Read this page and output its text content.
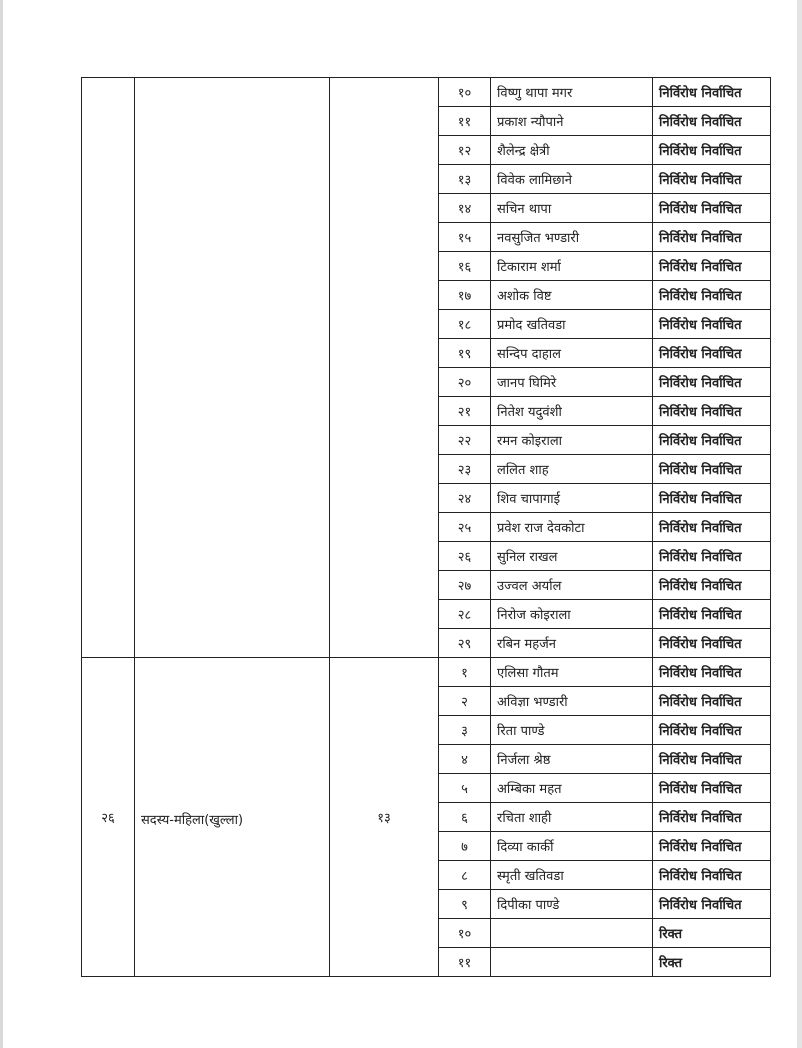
			१०	विष्णु थापा मगर	निर्विरोध निर्वाचित
			११	प्रकाश न्यौपाने	निर्विरोध निर्वाचित
			१२	शैलेन्द्र क्षेत्री	निर्विरोध निर्वाचित
			१३	विवेक लामिछाने	निर्विरोध निर्वाचित
			१४	सचिन थापा	निर्विरोध निर्वाचित
			१५	नवसुजित भण्डारी	निर्विरोध निर्वाचित
			१६	टिकाराम शर्मा	निर्विरोध निर्वाचित
			१७	अशोक विष्ट	निर्विरोध निर्वाचित
			१८	प्रमोद खतिवडा	निर्विरोध निर्वाचित
			१९	सन्दिप दाहाल	निर्विरोध निर्वाचित
			२०	जानप घिमिरे	निर्विरोध निर्वाचित
			२१	नितेश यदुवंशी	निर्विरोध निर्वाचित
			२२	रमन कोइराला	निर्विरोध निर्वाचित
			२३	ललित शाह	निर्विरोध निर्वाचित
			२४	शिव चापागाई	निर्विरोध निर्वाचित
			२५	प्रवेश राज देवकोटा	निर्विरोध निर्वाचित
			२६	सुनिल राखल	निर्विरोध निर्वाचित
			२७	उज्वल अर्याल	निर्विरोध निर्वाचित
			२८	निरोज कोइराला	निर्विरोध निर्वाचित
			२९	रबिन महर्जन	निर्विरोध निर्वाचित
२६	सदस्य-महिला(खुल्ला)	१३	१	एलिसा गौतम	निर्विरोध निर्वाचित
			२	अविज्ञा भण्डारी	निर्विरोध निर्वाचित
			३	रिता पाण्डे	निर्विरोध निर्वाचित
			४	निर्जला श्रेष्ठ	निर्विरोध निर्वाचित
			५	अम्बिका महत	निर्विरोध निर्वाचित
			६	रचिता शाही	निर्विरोध निर्वाचित
			७	दिव्या कार्की	निर्विरोध निर्वाचित
			८	स्मृती खतिवडा	निर्विरोध निर्वाचित
			९	दिपीका पाण्डे	निर्विरोध निर्वाचित
			१०		रिक्त
			११		रिक्त
